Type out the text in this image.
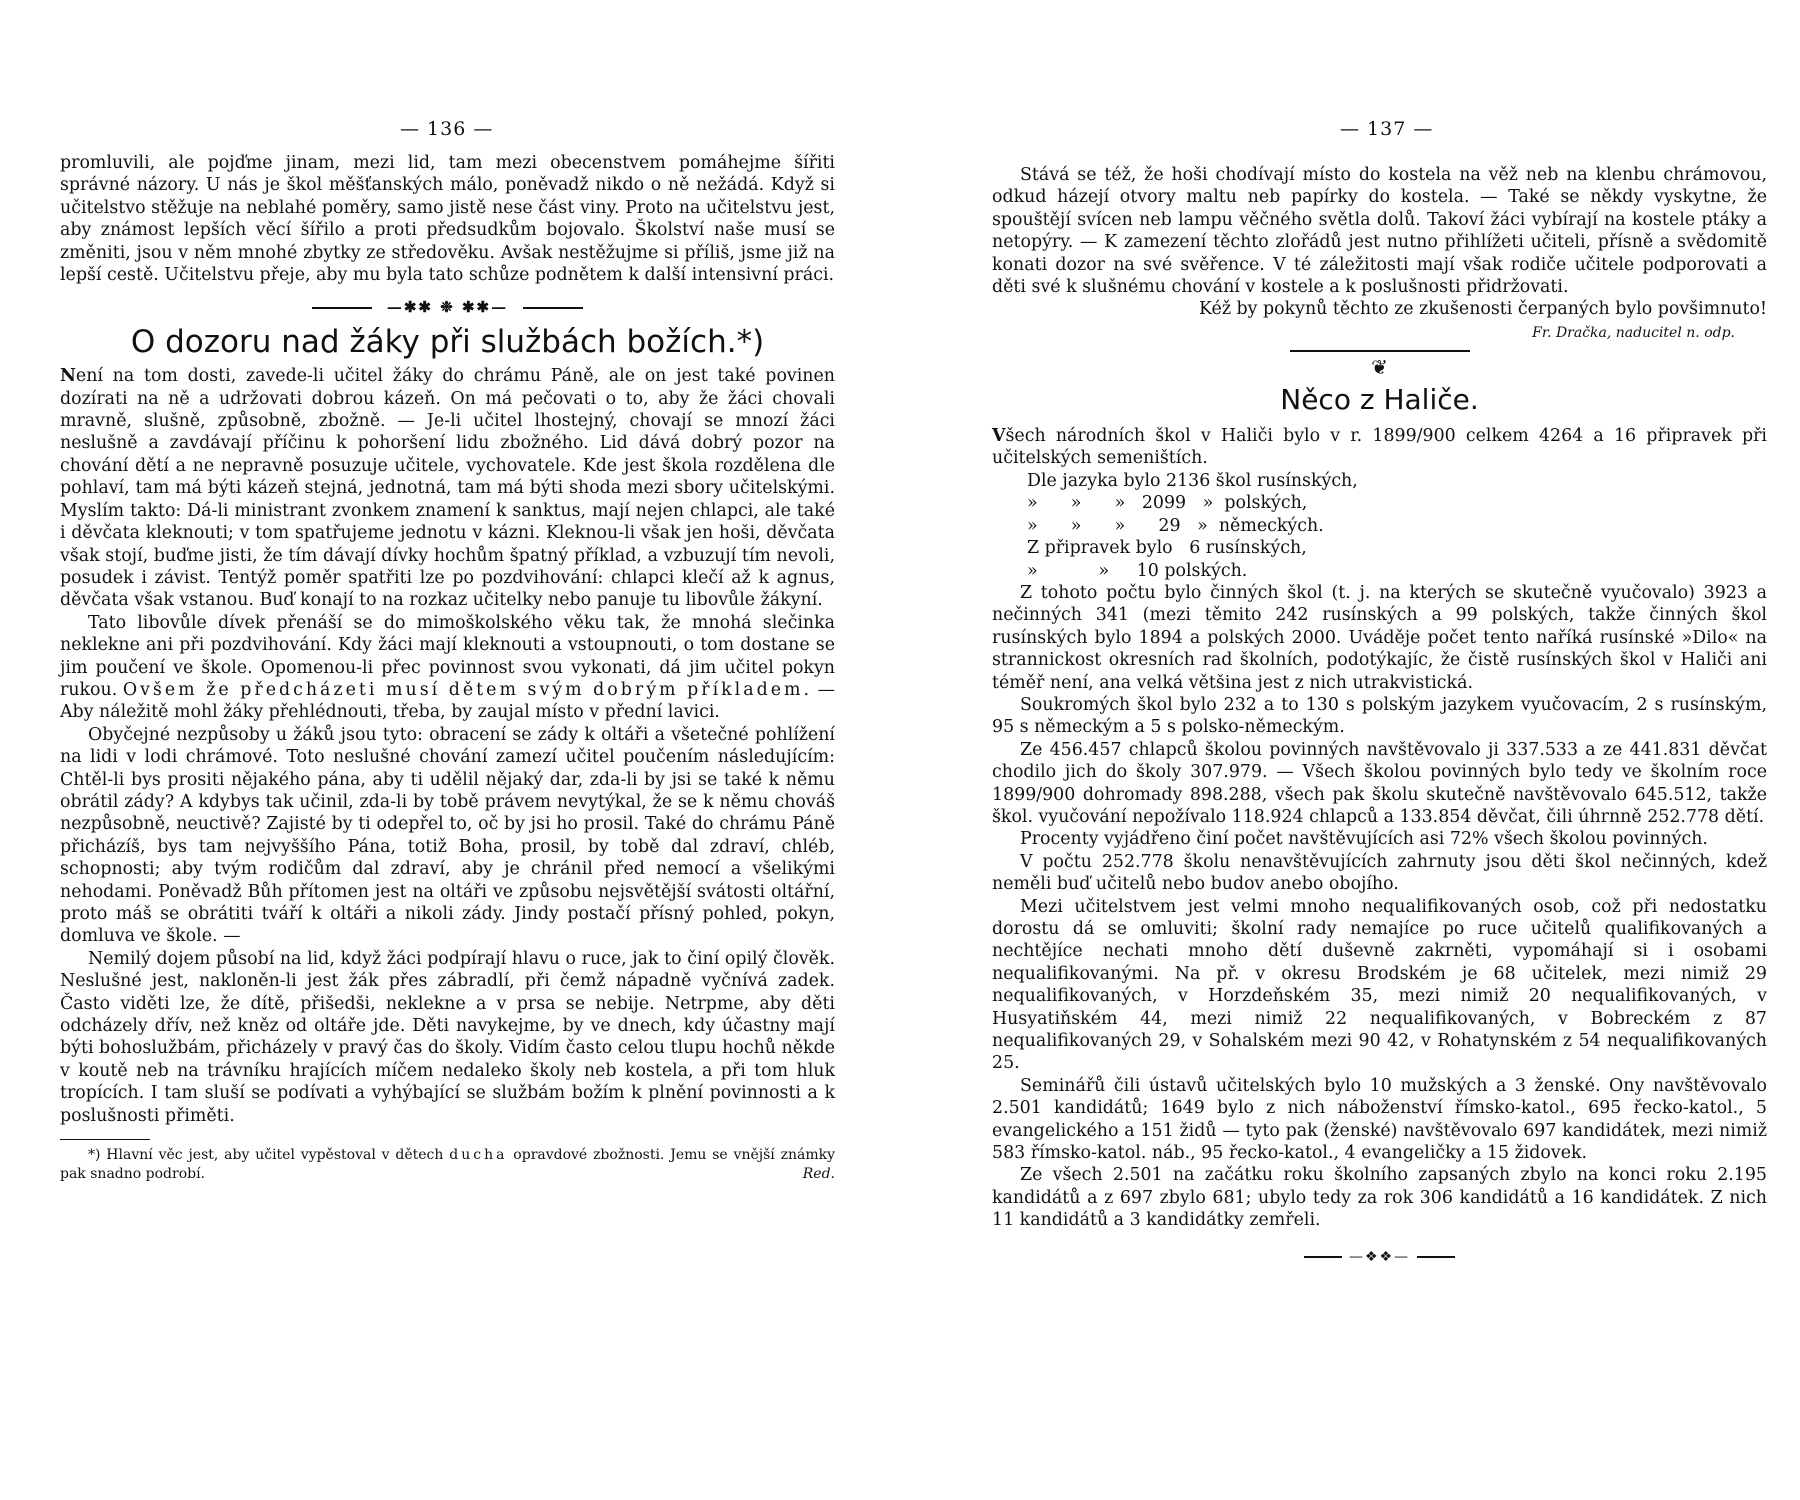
— 136 —

promluvili, ale pojďme jinam, mezi lid, tam mezi obecenstvem pomáhejme šířiti správné názory. U nás je škol měšťanských málo, poněvadž nikdo o ně nežádá. Když si učitelstvo stěžuje na neblahé poměry, samo jistě nese část viny. Proto na učitelstvu jest, aby známost lepších věcí šířilo a proti předsudkům bojovalo. Školství naše musí se změniti, jsou v něm mnohé zbytky ze středověku. Avšak nestěžujme si příliš, jsme již na lepší cestě. Učitelstvu přeje, aby mu byla tato schůze podnětem k další intensivní práci.

—✱✱ ❉ ✱✱—
O dozoru nad žáky při službách božích.*)

Není na tom dosti, zavede-li učitel žáky do chrámu Páně, ale on jest také povinen dozírati na ně a udržovati dobrou kázeň. On má pečovati o to, aby že žáci chovali mravně, slušně, způsobně, zbožně. — Je-li učitel lhostejný, chovají se mnozí žáci neslušně a zavdávají příčinu k pohoršení lidu zbožného. Lid dává dobrý pozor na chování dětí a ne nepravně posuzuje učitele, vychovatele. Kde jest škola rozdělena dle pohlaví, tam má býti kázeň stejná, jednotná, tam má býti shoda mezi sbory učitelskými. Myslím takto: Dá-li ministrant zvonkem znamení k sanktus, mají nejen chlapci, ale také i děvčata kleknouti; v tom spatřujeme jednotu v kázni. Kleknou-li však jen hoši, děvčata však stojí, buďme jisti, že tím dávají dívky hochům špatný příklad, a vzbuzují tím nevoli, posudek i závist. Tentýž poměr spatřiti lze po pozdvihování: chlapci klečí až k agnus, děvčata však vstanou. Buď konají to na rozkaz učitelky nebo panuje tu libovůle žákyní.

Tato libovůle dívek přenáší se do mimoškolského věku tak, že mnohá slečinka neklekne ani při pozdvihování. Kdy žáci mají kleknouti a vstoupnouti, o tom dostane se jim poučení ve škole. Opomenou-li přec povinnost svou vykonati, dá jim učitel pokyn rukou. Ovšem že předcházeti musí dětem svým dobrým příkladem. — Aby náležitě mohl žáky přehlédnouti, třeba, by zaujal místo v přední lavici.

Obyčejné nezpůsoby u žáků jsou tyto: obracení se zády k oltáři a všetečné pohlížení na lidi v lodi chrámové. Toto neslušné chování zamezí učitel poučením následujícím: Chtěl-li bys prositi nějakého pána, aby ti udělil nějaký dar, zda-li by jsi se také k němu obrátil zády? A kdybys tak učinil, zda-li by tobě právem nevytýkal, že se k němu chováš nezpůsobně, neuctivě? Zajisté by ti odepřel to, oč by jsi ho prosil. Také do chrámu Páně přicházíš, bys tam nejvyššího Pána, totiž Boha, prosil, by tobě dal zdraví, chléb, schopnosti; aby tvým rodičům dal zdraví, aby je chránil před nemocí a všelikými nehodami. Poněvadž Bůh přítomen jest na oltáři ve způsobu nejsvětější svátosti oltářní, proto máš se obrátiti tváří k oltáři a nikoli zády. Jindy postačí přísný pohled, pokyn, domluva ve škole. —

Nemilý dojem působí na lid, když žáci podpírají hlavu o ruce, jak to činí opilý člověk. Neslušné jest, nakloněn-li jest žák přes zábradlí, při čemž nápadně vyčnívá zadek. Často viděti lze, že dítě, přišedši, neklekne a v prsa se nebije. Netrpme, aby děti odcházely dřív, než kněz od oltáře jde. Děti navykejme, by ve dnech, kdy účastny mají býti bohoslužbám, přicházely v pravý čas do školy. Vidím často celou tlupu hochů někde v koutě neb na trávníku hrajících míčem nedaleko školy neb kostela, a při tom hluk tropících. I tam sluší se podívati a vyhýbající se službám božím k plnění povinnosti a k poslušnosti přiměti.

*) Hlavní věc jest, aby učitel vypěstoval v dětech ducha opravdové zbožnosti. Jemu se vnější známky pak snadno podrobí.	Red.

— 137 —

Stává se též, že hoši chodívají místo do kostela na věž neb na klenbu chrámovou, odkud házejí otvory maltu neb papírky do kostela. — Také se někdy vyskytne, že spouštějí svícen neb lampu věčného světla dolů. Takoví žáci vybírají na kostele ptáky a netopýry. — K zamezení těchto zlořádů jest nutno přihlížeti učiteli, přísně a svědomitě konati dozor na své svěřence. V té záležitosti mají však rodiče učitele podporovati a děti své k slušnému chování v kostele a k poslušnosti přidržovati.

Kéž by pokynů těchto ze zkušenosti čerpaných bylo povšimnuto!

Fr. Dračka, naducitel n. odp.

❦
Něco z Haliče.

Všech národních škol v Haliči bylo v r. 1899/900 celkem 4264 a 16 připravek při učitelských semeništích.

Dle jazyka bylo 2136 škol rusínských,

»      »      »   2099   »  polských,

»      »      »      29   »  německých.

Z připravek bylo   6 rusínských,

»           »     10 polských.

Z tohoto počtu bylo činných škol (t. j. na kterých se skutečně vyučovalo) 3923 a nečinných 341 (mezi těmito 242 rusínských a 99 polských, takže činných škol rusínských bylo 1894 a polských 2000. Uváděje počet tento naříká rusínské »Dilo« na strannickost okresních rad školních, podotýkajíc, že čistě rusínských škol v Haliči ani téměř není, ana velká většina jest z nich utrakvistická.

Soukromých škol bylo 232 a to 130 s polským jazykem vyučovacím, 2 s rusínským, 95 s německým a 5 s polsko-německým.

Ze 456.457 chlapců školou povinných navštěvovalo ji 337.533 a ze 441.831 děvčat chodilo jich do školy 307.979. — Všech školou povinných bylo tedy ve školním roce 1899/900 dohromady 898.288, všech pak školu skutečně navštěvovalo 645.512, takže škol. vyučování nepožívalo 118.924 chlapců a 133.854 děvčat, čili úhrnně 252.778 dětí.

Procenty vyjádřeno činí počet navštěvujících asi 72% všech školou povinných.

V počtu 252.778 školu nenavštěvujících zahrnuty jsou děti škol nečinných, kdež neměli buď učitelů nebo budov anebo obojího.

Mezi učitelstvem jest velmi mnoho nequalifikovaných osob, což při nedostatku dorostu dá se omluviti; školní rady nemajíce po ruce učitelů qualifikovaných a nechtějíce nechati mnoho dětí duševně zakrněti, vypomáhají si i osobami nequalifikovanými. Na př. v okresu Brodském je 68 učitelek, mezi nimiž 29 nequalifikovaných, v Horzdeňském 35, mezi nimiž 20 nequalifikovaných, v Husyatiňském 44, mezi nimiž 22 nequalifikovaných, v Bobreckém z 87 nequalifikovaných 29, v Sohalském mezi 90 42, v Rohatynském z 54 nequalifikovaných 25.

Seminářů čili ústavů učitelských bylo 10 mužských a 3 ženské. Ony navštěvovalo 2.501 kandidátů; 1649 bylo z nich náboženství římsko-katol., 695 řecko-katol., 5 evangelického a 151 židů — tyto pak (ženské) navštěvovalo 697 kandidátek, mezi nimiž 583 římsko-katol. náb., 95 řecko-katol., 4 evangeličky a 15 židovek.

Ze všech 2.501 na začátku roku školního zapsaných zbylo na konci roku 2.195 kandidátů a z 697 zbylo 681; ubylo tedy za rok 306 kandidátů a 16 kandidátek. Z nich 11 kandidátů a 3 kandidátky zemřeli.

—❖❖—
